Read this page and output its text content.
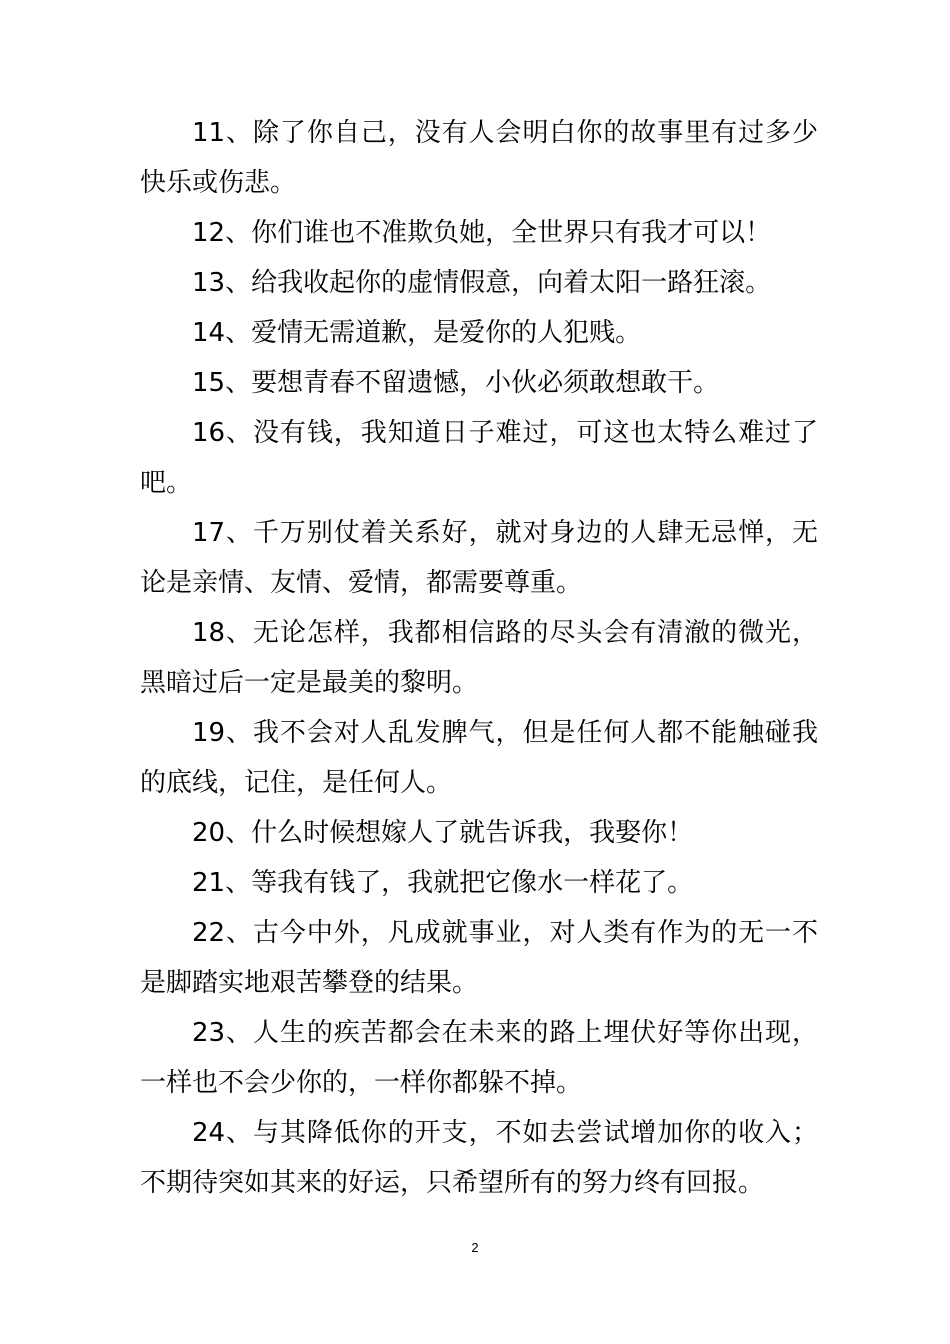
11、除了你自己，没有人会明白你的故事里有过多少快乐或伤悲。

12、你们谁也不准欺负她，全世界只有我才可以！

13、给我收起你的虚情假意，向着太阳一路狂滚。

14、爱情无需道歉，是爱你的人犯贱。

15、要想青春不留遗憾，小伙必须敢想敢干。

16、没有钱，我知道日子难过，可这也太特么难过了吧。

17、千万别仗着关系好，就对身边的人肆无忌惮，无论是亲情、友情、爱情，都需要尊重。

18、无论怎样，我都相信路的尽头会有清澈的微光，黑暗过后一定是最美的黎明。

19、我不会对人乱发脾气，但是任何人都不能触碰我的底线，记住，是任何人。

20、什么时候想嫁人了就告诉我，我娶你！

21、等我有钱了，我就把它像水一样花了。

22、古今中外，凡成就事业，对人类有作为的无一不是脚踏实地艰苦攀登的结果。

23、人生的疾苦都会在未来的路上埋伏好等你出现，一样也不会少你的，一样你都躲不掉。

24、与其降低你的开支，不如去尝试增加你的收入；不期待突如其来的好运，只希望所有的努力终有回报。

2
